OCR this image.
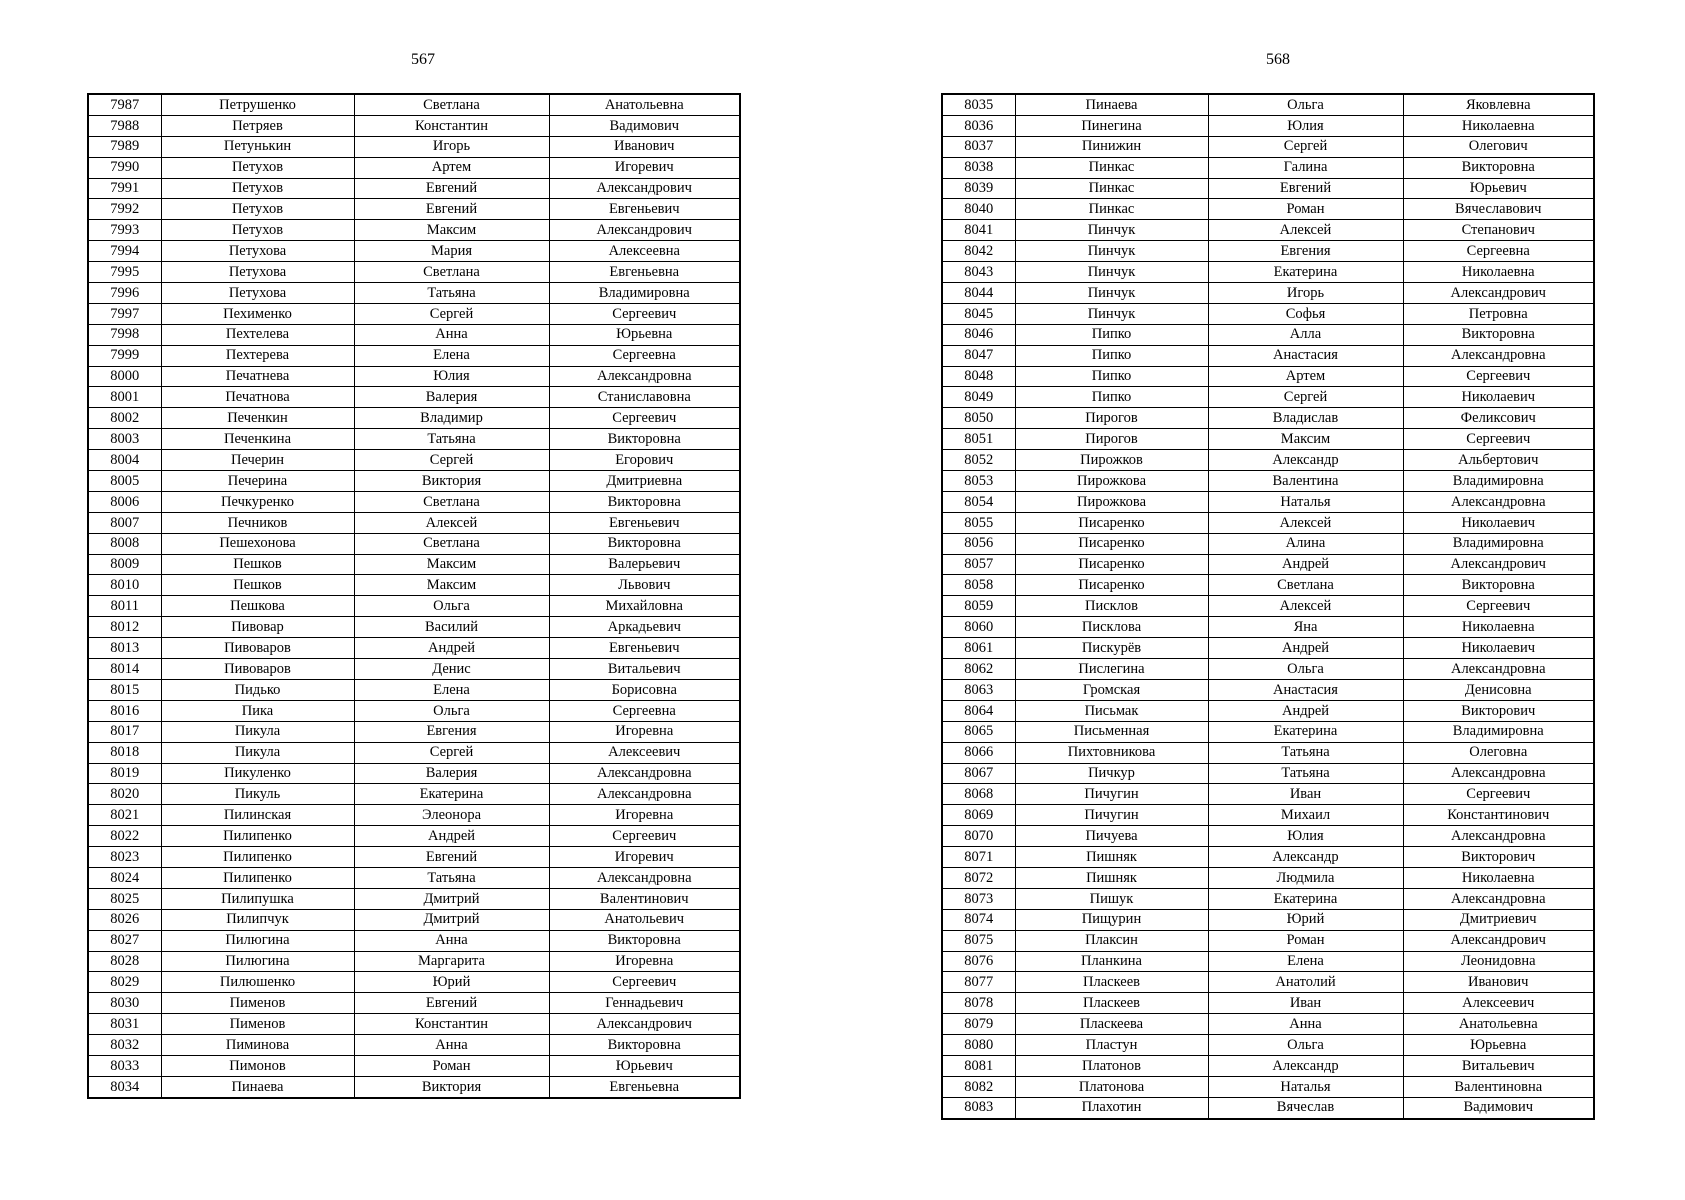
567	568
7987	Петрушенко	Светлана	Анатольевна
7988	Петряев	Константин	Вадимович
7989	Петунькин	Игорь	Иванович
7990	Петухов	Артем	Игоревич
7991	Петухов	Евгений	Александрович
7992	Петухов	Евгений	Евгеньевич
7993	Петухов	Максим	Александрович
7994	Петухова	Мария	Алексеевна
7995	Петухова	Светлана	Евгеньевна
7996	Петухова	Татьяна	Владимировна
7997	Пехименко	Сергей	Сергеевич
7998	Пехтелева	Анна	Юрьевна
7999	Пехтерева	Елена	Сергеевна
8000	Печатнева	Юлия	Александровна
8001	Печатнова	Валерия	Станиславовна
8002	Печенкин	Владимир	Сергеевич
8003	Печенкина	Татьяна	Викторовна
8004	Печерин	Сергей	Егорович
8005	Печерина	Виктория	Дмитриевна
8006	Печкуренко	Светлана	Викторовна
8007	Печников	Алексей	Евгеньевич
8008	Пешехонова	Светлана	Викторовна
8009	Пешков	Максим	Валерьевич
8010	Пешков	Максим	Львович
8011	Пешкова	Ольга	Михайловна
8012	Пивовар	Василий	Аркадьевич
8013	Пивоваров	Андрей	Евгеньевич
8014	Пивоваров	Денис	Витальевич
8015	Пидько	Елена	Борисовна
8016	Пика	Ольга	Сергеевна
8017	Пикула	Евгения	Игоревна
8018	Пикула	Сергей	Алексеевич
8019	Пикуленко	Валерия	Александровна
8020	Пикуль	Екатерина	Александровна
8021	Пилинская	Элеонора	Игоревна
8022	Пилипенко	Андрей	Сергеевич
8023	Пилипенко	Евгений	Игоревич
8024	Пилипенко	Татьяна	Александровна
8025	Пилипушка	Дмитрий	Валентинович
8026	Пилипчук	Дмитрий	Анатольевич
8027	Пилюгина	Анна	Викторовна
8028	Пилюгина	Маргарита	Игоревна
8029	Пилюшенко	Юрий	Сергеевич
8030	Пименов	Евгений	Геннадьевич
8031	Пименов	Константин	Александрович
8032	Пиминова	Анна	Викторовна
8033	Пимонов	Роман	Юрьевич
8034	Пинаева	Виктория	Евгеньевна
8035	Пинаева	Ольга	Яковлевна
8036	Пинегина	Юлия	Николаевна
8037	Пинижин	Сергей	Олегович
8038	Пинкас	Галина	Викторовна
8039	Пинкас	Евгений	Юрьевич
8040	Пинкас	Роман	Вячеславович
8041	Пинчук	Алексей	Степанович
8042	Пинчук	Евгения	Сергеевна
8043	Пинчук	Екатерина	Николаевна
8044	Пинчук	Игорь	Александрович
8045	Пинчук	Софья	Петровна
8046	Пипко	Алла	Викторовна
8047	Пипко	Анастасия	Александровна
8048	Пипко	Артем	Сергеевич
8049	Пипко	Сергей	Николаевич
8050	Пирогов	Владислав	Феликсович
8051	Пирогов	Максим	Сергеевич
8052	Пирожков	Александр	Альбертович
8053	Пирожкова	Валентина	Владимировна
8054	Пирожкова	Наталья	Александровна
8055	Писаренко	Алексей	Николаевич
8056	Писаренко	Алина	Владимировна
8057	Писаренко	Андрей	Александрович
8058	Писаренко	Светлана	Викторовна
8059	Писклов	Алексей	Сергеевич
8060	Писклова	Яна	Николаевна
8061	Пискурёв	Андрей	Николаевич
8062	Пислегина	Ольга	Александровна
8063	Громская	Анастасия	Денисовна
8064	Письмак	Андрей	Викторович
8065	Письменная	Екатерина	Владимировна
8066	Пихтовникова	Татьяна	Олеговна
8067	Пичкур	Татьяна	Александровна
8068	Пичугин	Иван	Сергеевич
8069	Пичугин	Михаил	Константинович
8070	Пичуева	Юлия	Александровна
8071	Пишняк	Александр	Викторович
8072	Пишняк	Людмила	Николаевна
8073	Пишук	Екатерина	Александровна
8074	Пищурин	Юрий	Дмитриевич
8075	Плаксин	Роман	Александрович
8076	Планкина	Елена	Леонидовна
8077	Пласкеев	Анатолий	Иванович
8078	Пласкеев	Иван	Алексеевич
8079	Пласкеева	Анна	Анатольевна
8080	Пластун	Ольга	Юрьевна
8081	Платонов	Александр	Витальевич
8082	Платонова	Наталья	Валентиновна
8083	Плахотин	Вячеслав	Вадимович
